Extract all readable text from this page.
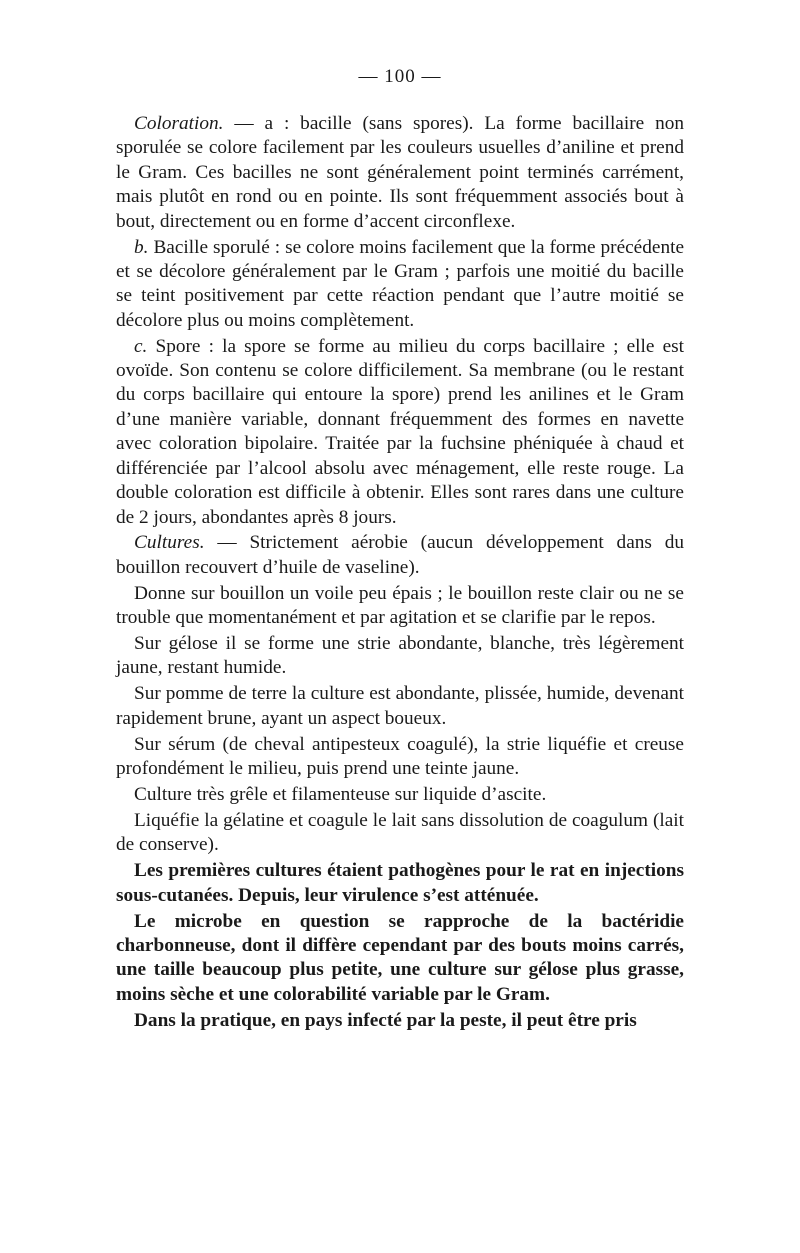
— 100 —

Coloration. — a : bacille (sans spores). La forme bacillaire non sporulée se colore facilement par les couleurs usuelles d’aniline et prend le Gram. Ces bacilles ne sont généralement point terminés carrément, mais plutôt en rond ou en pointe. Ils sont fréquemment associés bout à bout, directement ou en forme d’accent circonflexe.

b. Bacille sporulé : se colore moins facilement que la forme précédente et se décolore généralement par le Gram ; parfois une moitié du bacille se teint positivement par cette réaction pendant que l’autre moitié se décolore plus ou moins complètement.

c. Spore : la spore se forme au milieu du corps bacillaire ; elle est ovoïde. Son contenu se colore difficilement. Sa membrane (ou le restant du corps bacillaire qui entoure la spore) prend les anilines et le Gram d’une manière variable, donnant fréquemment des formes en navette avec coloration bipolaire. Traitée par la fuchsine phéniquée à chaud et différenciée par l’alcool absolu avec ménagement, elle reste rouge. La double coloration est difficile à obtenir. Elles sont rares dans une culture de 2 jours, abondantes après 8 jours.

Cultures. — Strictement aérobie (aucun développement dans du bouillon recouvert d’huile de vaseline).

Donne sur bouillon un voile peu épais ; le bouillon reste clair ou ne se trouble que momentanément et par agitation et se clarifie par le repos.

Sur gélose il se forme une strie abondante, blanche, très légèrement jaune, restant humide.

Sur pomme de terre la culture est abondante, plissée, humide, devenant rapidement brune, ayant un aspect boueux.

Sur sérum (de cheval antipesteux coagulé), la strie liquéfie et creuse profondément le milieu, puis prend une teinte jaune.

Culture très grêle et filamenteuse sur liquide d’ascite.

Liquéfie la gélatine et coagule le lait sans dissolution de coagulum (lait de conserve).

Les premières cultures étaient pathogènes pour le rat en injections sous-cutanées. Depuis, leur virulence s’est atténuée.

Le microbe en question se rapproche de la bactéridie charbonneuse, dont il diffère cependant par des bouts moins carrés, une taille beaucoup plus petite, une culture sur gélose plus grasse, moins sèche et une colorabilité variable par le Gram.

Dans la pratique, en pays infecté par la peste, il peut être pris
